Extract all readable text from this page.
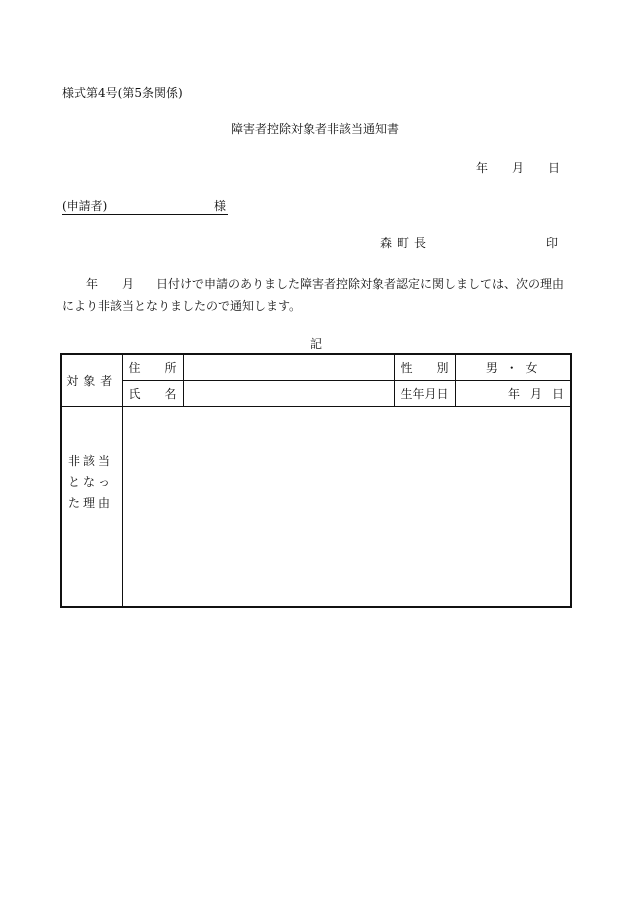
様式第4号(第5条関係)
障害者控除対象者非該当通知書
年 月 日
(申請者)	様
森町長	印
年 月 日付けで申請のありました障害者控除対象者認定に関しましては、次の理由により非該当となりましたので通知します。
記
対象者	住 所		性 別	男 ・ 女

	氏 名		生年月日	年 月 日
非該当となった理由				
